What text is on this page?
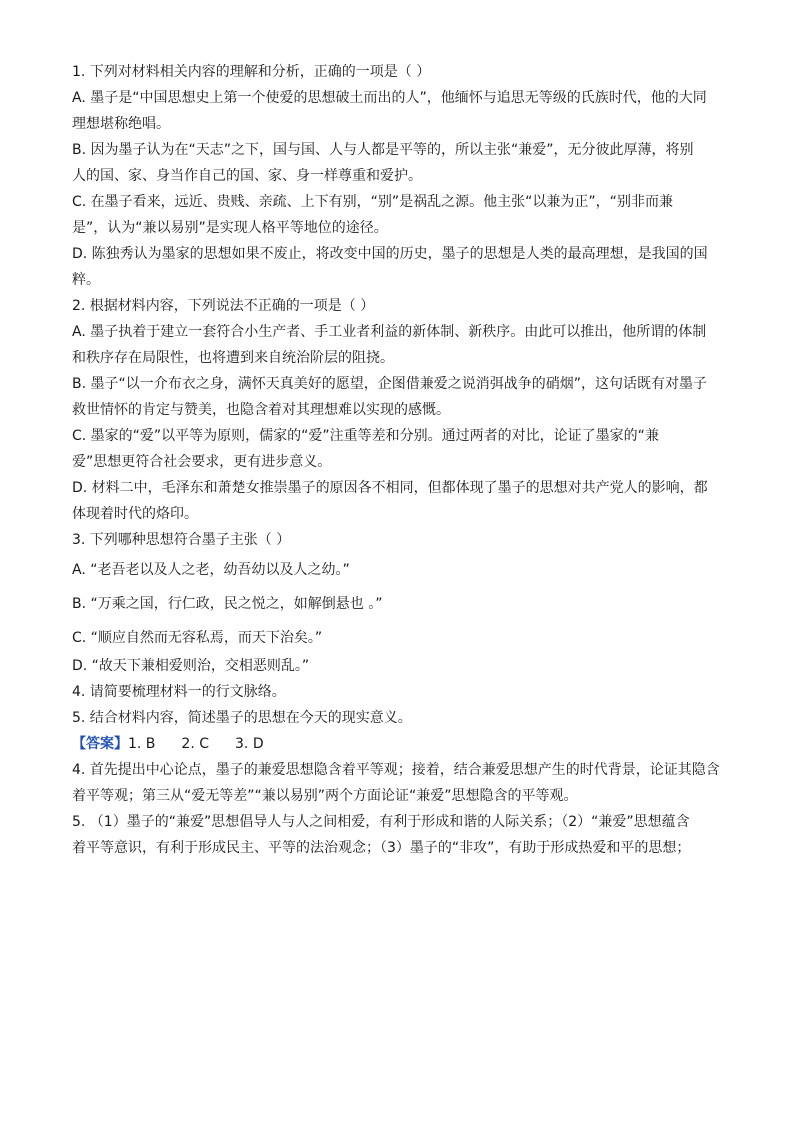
1. 下列对材料相关内容的理解和分析，正确的一项是（ ）
A. 墨子是“中国思想史上第一个使爱的思想破土而出的人”，他缅怀与追思无等级的氏族时代，他的大同
理想堪称绝唱。
B. 因为墨子认为在“天志”之下，国与国、人与人都是平等的，所以主张“兼爱”，无分彼此厚薄，将别
人的国、家、身当作自己的国、家、身一样尊重和爱护。
C. 在墨子看来，远近、贵贱、亲疏、上下有别，“别”是祸乱之源。他主张“以兼为正”，“别非而兼
是”，认为“兼以易别”是实现人格平等地位的途径。
D. 陈独秀认为墨家的思想如果不废止，将改变中国的历史，墨子的思想是人类的最高理想，是我国的国
粹。
2. 根据材料内容，下列说法不正确的一项是（ ）
A. 墨子执着于建立一套符合小生产者、手工业者利益的新体制、新秩序。由此可以推出，他所谓的体制
和秩序存在局限性，也将遭到来自统治阶层的阻挠。
B. 墨子“以一介布衣之身，满怀天真美好的愿望，企图借兼爱之说消弭战争的硝烟”，这句话既有对墨子
救世情怀的肯定与赞美，也隐含着对其理想难以实现的感慨。
C. 墨家的“爱”以平等为原则，儒家的“爱”注重等差和分别。通过两者的对比，论证了墨家的“兼
爱”思想更符合社会要求，更有进步意义。
D. 材料二中，毛泽东和萧楚女推崇墨子的原因各不相同，但都体现了墨子的思想对共产党人的影响，都
体现着时代的烙印。
3. 下列哪种思想符合墨子主张（ ）
A. “老吾老以及人之老，幼吾幼以及人之幼。”
B. “万乘之国，行仁政，民之悦之，如解倒悬也 。”
C. “顺应自然而无容私焉，而天下治矣。”
D. “故天下兼相爱则治，交相恶则乱。”
4. 请简要梳理材料一的行文脉络。
5. 结合材料内容，简述墨子的思想在今天的现实意义。
【答案】1. B 2. C 3. D
4. 首先提出中心论点，墨子的兼爱思想隐含着平等观；接着，结合兼爱思想产生的时代背景，论证其隐含
着平等观；第三从“爱无等差”“兼以易别”两个方面论证“兼爱”思想隐含的平等观。
5. （1）墨子的“兼爱”思想倡导人与人之间相爱，有利于形成和谐的人际关系；（2）“兼爱”思想蕴含
着平等意识，有利于形成民主、平等的法治观念；（3）墨子的“非攻”，有助于形成热爱和平的思想；
